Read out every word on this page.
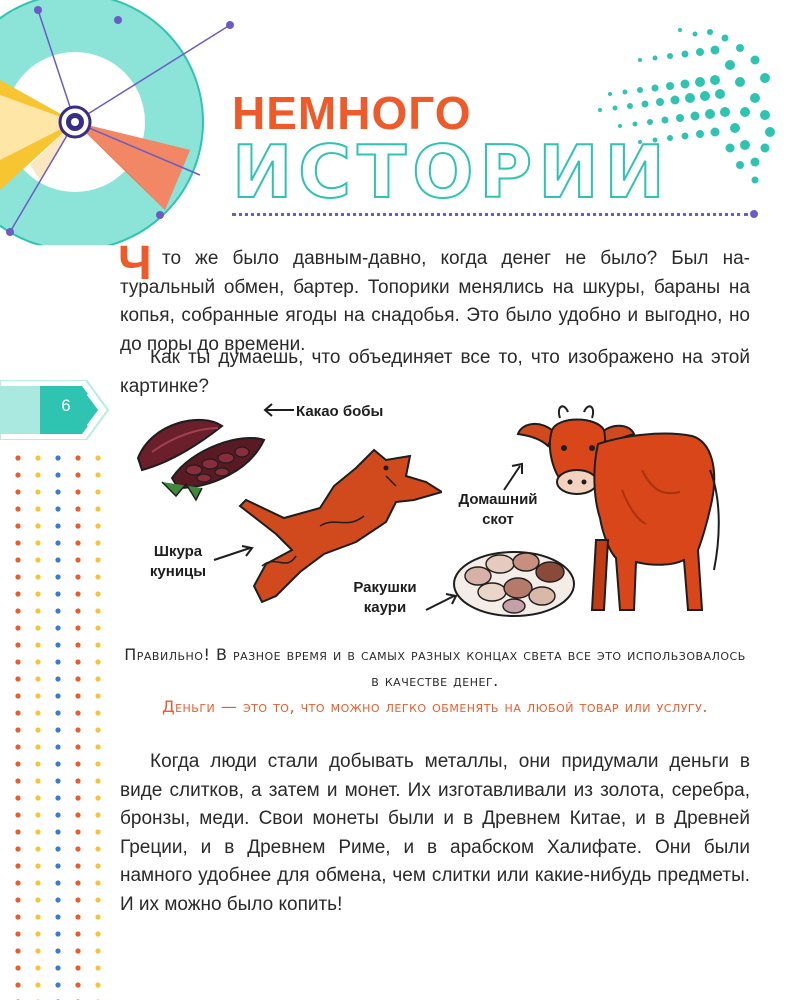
НЕМНОГО
ИСТОРИИ
Ч то же было давным-давно, когда денег не было? Был натуральный обмен, бартер. Топорики менялись на шкуры, бараны на копья, собранные ягоды на снадобья. Это было удобно и выгодно, но до поры до времени.
Как ты думаешь, что объединяет все то, что изображено на этой картинке?
6	Какао бобы
Шкура куницы
Ракушки каури
Домашний скот
Правильно! В разное время и в самых разных концах света все это использовалось в качестве денег.
Деньги — это то, что можно легко обменять на любой товар или услугу.
Когда люди стали добывать металлы, они придумали деньги в виде слитков, а затем и монет. Их изготавливали из золота, серебра, бронзы, меди. Свои монеты были и в Древнем Китае, и в Древней Греции, и в Древнем Риме, и в арабском Халифате. Они были намного удобнее для обмена, чем слитки или какие-нибудь предметы. И их можно было копить!
